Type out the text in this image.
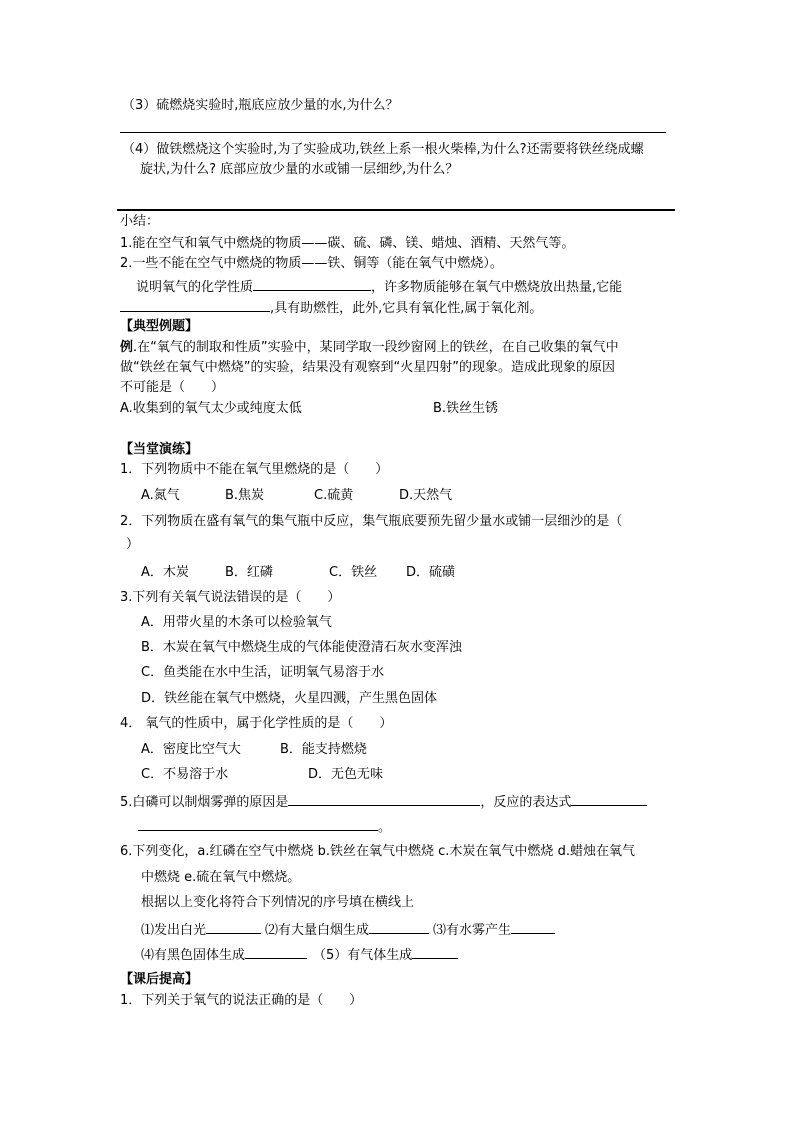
（3）硫燃烧实验时,瓶底应放少量的水,为什么？
（4）做铁燃烧这个实验时,为了实验成功,铁丝上系一根火柴棒,为什么?还需要将铁丝绕成螺
旋状,为什么? 底部应放少量的水或铺一层细纱,为什么？
小结：
1.能在空气和氧气中燃烧的物质——碳、硫、磷、镁、蜡烛、酒精、天然气等。
2.一些不能在空气中燃烧的物质——铁、铜等（能在氧气中燃烧）。
说明氧气的化学性质	，许多物质能够在氧气中燃烧放出热量,它能
,具有助燃性，此外,它具有氧化性,属于氧化剂。
【典型例题】
例.在“氧气的制取和性质”实验中，某同学取一段纱窗网上的铁丝，在自己收集的氧气中
做“铁丝在氧气中燃烧”的实验，结果没有观察到“火星四射”的现象。造成此现象的原因
不可能是（　　）
A.收集到的氧气太少或纯度太低	B.铁丝生锈
【当堂演练】
1．下列物质中不能在氧气里燃烧的是（　　）
A.氮气	B.焦炭	C.硫黄	D.天然气
2．下列物质在盛有氧气的集气瓶中反应，集气瓶底要预先留少量水或铺一层细沙的是（
）
A．木炭	B．红磷	C．铁丝 D．硫磺
3.下列有关氧气说法错误的是（　　）
A．用带火星的木条可以检验氧气
B．木炭在氧气中燃烧生成的气体能使澄清石灰水变浑浊
C．鱼类能在水中生活，证明氧气易溶于水
D．铁丝能在氧气中燃烧，火星四溅，产生黑色固体
4． 氧气的性质中，属于化学性质的是（　　）
A．密度比空气大	B．能支持燃烧
C．不易溶于水	D．无色无味
5.白磷可以制烟雾弹的原因是	，反应的表达式
。
6.下列变化，a.红磷在空气中燃烧 b.铁丝在氧气中燃烧 c.木炭在氧气中燃烧 d.蜡烛在氧气
中燃烧 e.硫在氧气中燃烧。
根据以上变化将符合下列情况的序号填在横线上
⑴发出白光	⑵有大量白烟生成	⑶有水雾产生
⑷有黑色固体生成	（5）有气体生成
【课后提高】
1．下列关于氧气的说法正确的是（　　）
